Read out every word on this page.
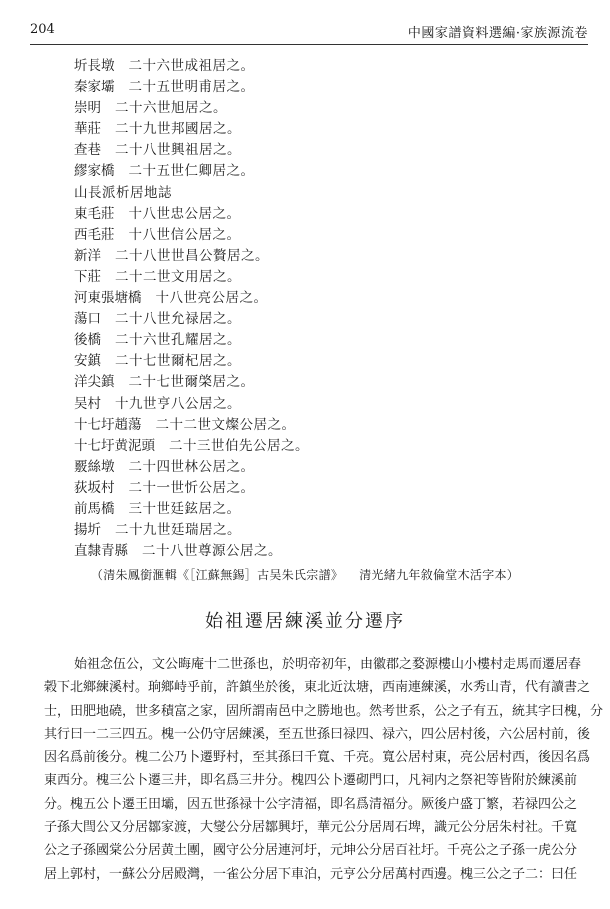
204	中國家譜資料選編·家族源流卷
圻長墩 二十六世成祖居之。
秦家壩 二十五世明甫居之。
崇明 二十六世旭居之。
華莊 二十九世邦國居之。
查巷 二十八世興祖居之。
繆家橋 二十五世仁卿居之。
山長派析居地誌
東毛莊 十八世忠公居之。
西毛莊 十八世信公居之。
新洋 二十八世世昌公贅居之。
下莊 二十二世文用居之。
河東張塘橋 十八世亮公居之。
蕩口 二十八世允禄居之。
後橋 二十六世孔耀居之。
安鎮 二十七世爾杞居之。
洋尖鎮 二十七世爾棨居之。
吴村 十九世亨八公居之。
十七圩趙蕩 二十二世文燦公居之。
十七圩黄泥頭 二十三世伯先公居之。
覈絲墩 二十四世林公居之。
荻坂村 二十一世忻公居之。
前馬橋 三十世廷鉉居之。
揚圻 二十九世廷瑞居之。
直隸青縣 二十八世尊源公居之。
（清朱鳳銜滙輯《［江蘇無錫］古吴朱氏宗譜》 清光緒九年敘倫堂木活字本）
始祖遷居練溪並分遷序
始祖念伍公，文公晦庵十二世孫也，於明帝初年，由徽郡之婺源樓山小樓村走馬而遷居春
榖下北鄉練溪村。珦鄉峙乎前，許鎮坐於後，東北近汰塘，西南連練溪，水秀山青，代有讀書之
士，田肥地磽，世多積富之家，固所謂南邑中之勝地也。然考世系，公之子有五，統其字曰槐，分
其行曰一二三四五。槐一公仍守居練溪，至五世孫曰禄四、禄六，四公居村後，六公居村前，後
因名爲前後分。槐二公乃卜遷野村，至其孫曰千寬、千亮。寬公居村東，亮公居村西，後因名爲
東西分。槐三公卜遷三井，即名爲三井分。槐四公卜遷砌門口，凡祠内之祭祀等皆附於練溪前
分。槐五公卜遷王田壩，因五世孫禄十公字清福，即名爲清福分。厥後户盛丁繁，若禄四公之
子孫大閆公又分居鄒家渡，大燮公分居鄒興圩，華元公分居周石埤，識元公分居朱村社。千寬
公之子孫國棠公分居黄土團，國守公分居連河圩，元坤公分居百社圩。千亮公之子孫一虎公分
居上郭村，一蘇公分居殿灣，一雀公分居下車泊，元亨公分居萬村西邊。槐三公之子二：曰任
